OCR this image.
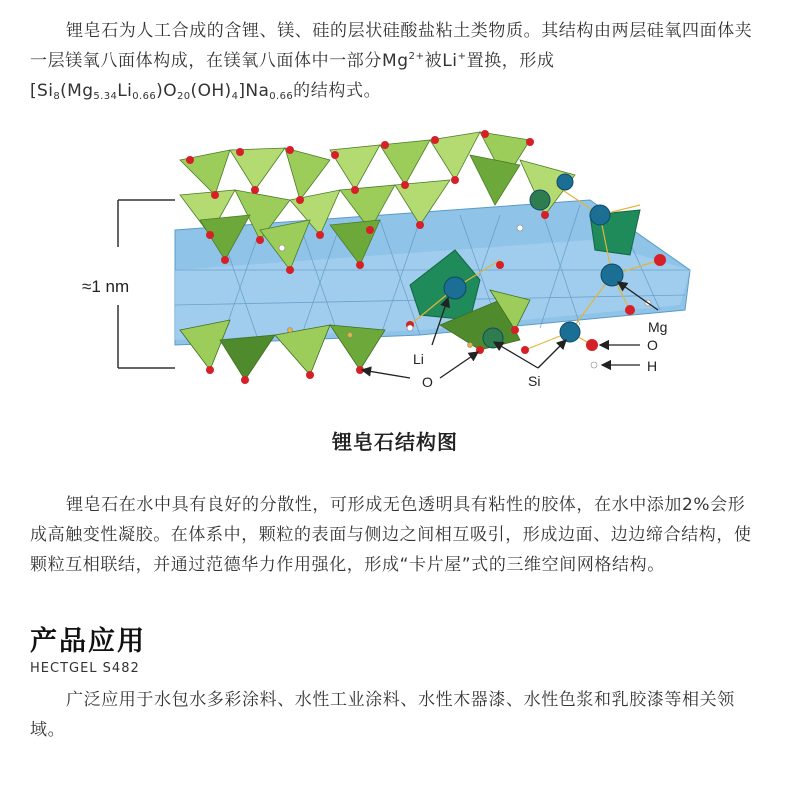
锂皂石为人工合成的含锂、镁、硅的层状硅酸盐粘土类物质。其结构由两层硅氧四面体夹一层镁氧八面体构成，在镁氧八面体中一部分$Mg^{2+}$被Li+置换，形成
$[Si_8(Mg_{5.34}Li_{0.66})O_{20}(OH)_4]Na_{0.66}$的结构式。
≈1 nm
Li
O	Si
Mg
O
H
锂皂石结构图
锂皂石在水中具有良好的分散性，可形成无色透明具有粘性的胶体，在水中添加2%会形成高触变性凝胶。在体系中，颗粒的表面与侧边之间相互吸引，形成边面、边边缔合结构，使颗粒互相联结，并通过范德华力作用强化，形成“卡片屋”式的三维空间网格结构。
产品应用
HECTGEL S482
广泛应用于水包水多彩涂料、水性工业涂料、水性木器漆、水性色浆和乳胶漆等相关领域。
